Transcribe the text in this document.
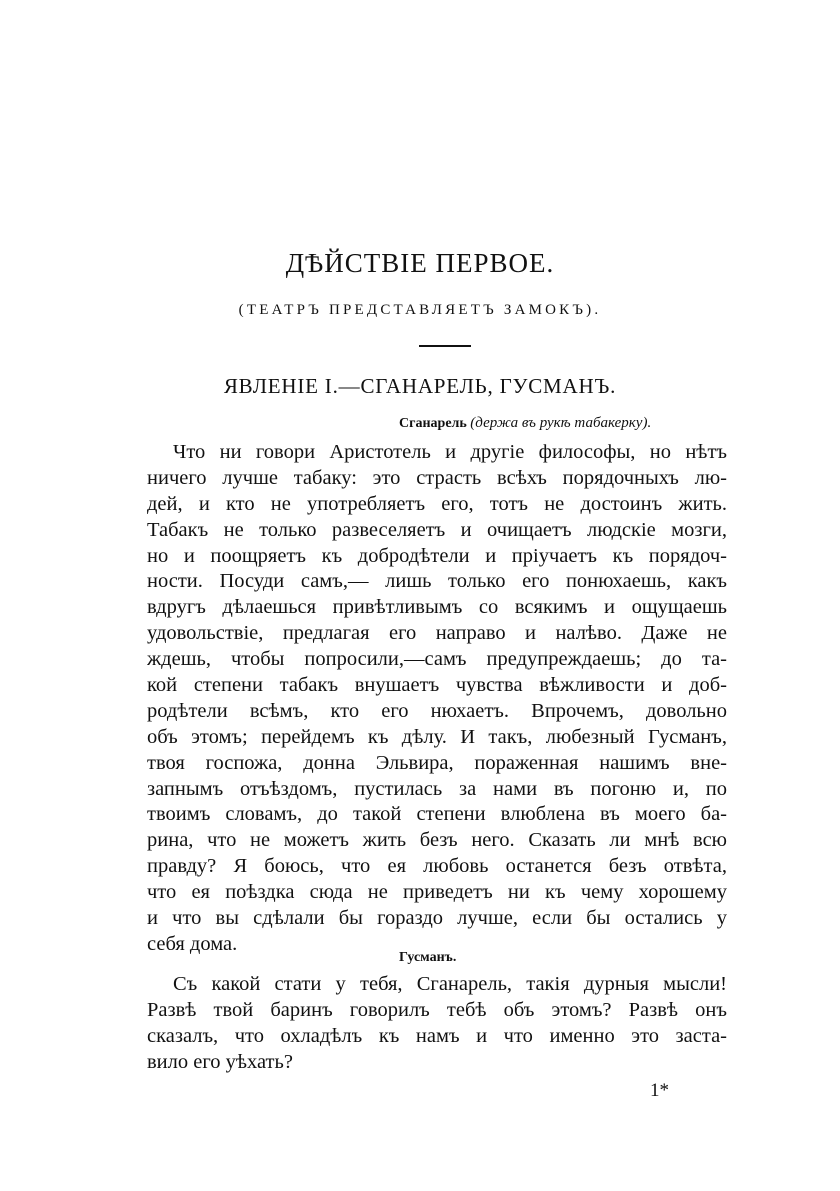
ДѢЙСТВІЕ ПЕРВОЕ.
(ТЕАТРЪ ПРЕДСТАВЛЯЕТЪ ЗАМОКЪ).
ЯВЛЕНІЕ I.—СГАНАРЕЛЬ, ГУСМАНЪ.
Сганарель (держа въ рукѣ табакерку).
Что ни говори Аристотель и другіе философы, но нѣтъ
ничего лучше табаку: это страсть всѣхъ порядочныхъ лю-
дей, и кто не употребляетъ его, тотъ не достоинъ жить.
Табакъ не только развеселяетъ и очищаетъ людскіе мозги,
но и поощряетъ къ добродѣтели и пріучаетъ къ порядоч-
ности. Посуди самъ,— лишь только его понюхаешь, какъ
вдругъ дѣлаешься привѣтливымъ со всякимъ и ощущаешь
удовольствіе, предлагая его направо и налѣво. Даже не
ждешь, чтобы попросили,—самъ предупреждаешь; до та-
кой степени табакъ внушаетъ чувства вѣжливости и доб-
родѣтели всѣмъ, кто его нюхаетъ. Впрочемъ, довольно
объ этомъ; перейдемъ къ дѣлу. И такъ, любезный Гусманъ,
твоя госпожа, донна Эльвира, пораженная нашимъ вне-
запнымъ отъѣздомъ, пустилась за нами въ погоню и, по
твоимъ словамъ, до такой степени влюблена въ моего ба-
рина, что не можетъ жить безъ него. Сказать ли мнѣ всю
правду? Я боюсь, что ея любовь останется безъ отвѣта,
что ея поѣздка сюда не приведетъ ни къ чему хорошему
и что вы сдѣлали бы гораздо лучше, если бы остались у
себя дома.
Гусманъ.
Съ какой стати у тебя, Сганарель, такія дурныя мысли!
Развѣ твой баринъ говорилъ тебѣ объ этомъ? Развѣ онъ
сказалъ, что охладѣлъ къ намъ и что именно это заста-
вило его уѣхать?
1*
